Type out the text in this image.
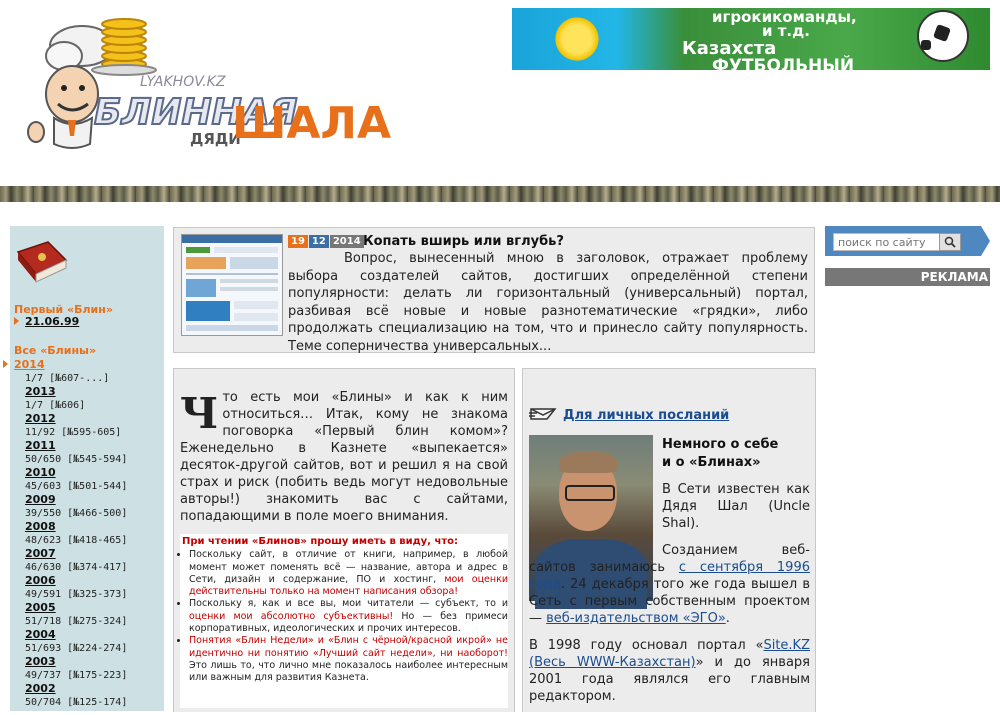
LYAKHOV.KZ
БЛИННАЯ
ДЯДИ
ШАЛА
игрокикоманды,
и т.д.
Казахста
ФУТБОЛЬНЫЙ
Первый «Блин»
21.06.99
Все «Блины»
2014
1/7 [№607-...]
2013
1/7 [№606]
2012
11/92 [№595-605]
2011
50/650 [№545-594]
2010
45/603 [№501-544]
2009
39/550 [№466-500]
2008
48/623 [№418-465]
2007
46/630 [№374-417]
2006
49/591 [№325-373]
2005
51/718 [№275-324]
2004
51/693 [№224-274]
2003
49/737 [№175-223]
2002
50/704 [№125-174]
19 12 2014 Копать вширь или вглубь?
Вопрос, вынесенный мною в заголовок, отражает проблему выбора создателей сайтов, достигших определённой степени популярности: делать ли горизонтальный (универсальный) портал, разбивая всё новые и новые разнотематические «грядки», либо продолжать специализацию на том, что и принесло сайту популярность. Теме соперничества универсальных...
Что есть мои «Блины» и как к ним относиться… Итак, кому не знакома поговорка «Первый блин комом»? Еженедельно в Казнете «выпекается» десяток-другой сайтов, вот и решил я на свой страх и риск (побить ведь могут недовольные авторы!) знакомить вас с сайтами, попадающими в поле моего внимания.
При чтении «Блинов» прошу иметь в виду, что:
• Поскольку сайт, в отличие от книги, например, в любой момент может поменять всё — название, автора и адрес в Сети, дизайн и содержание, ПО и хостинг, мои оценки действительны только на момент написания обзора!
• Поскольку я, как и все вы, мои читатели — субъект, то и оценки мои абсолютно субъективны! Но — без примеси корпоративных, идеологических и прочих интересов.
• Понятия «Блин Недели» и «Блин с чёрной/красной икрой» не идентично ни понятию «Лучший сайт недели», ни наоборот! Это лишь то, что лично мне показалось наиболее интересным или важным для развития Казнета.
Для личных посланий
Немного о себе
и о «Блинах»

В Сети известен как Дядя Шал (Uncle Shal).

Созданием веб-сайтов занимаюсь с сентября 1996 года. 24 декабря того же года вышел в Сеть с первым собственным проектом — веб-издательством «ЭГО».

В 1998 году основал портал «Site.KZ (Весь WWW-Казахстан)» и до января 2001 года являлся его главным редактором.

поиск по сайту
РЕКЛАМА
